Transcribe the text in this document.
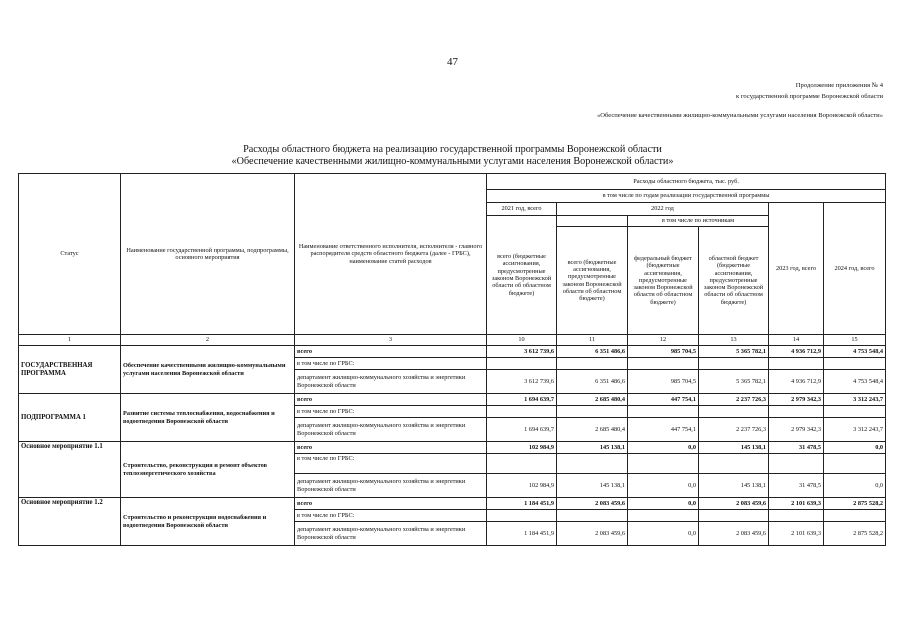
47
Продолжение приложения № 4
к государственной программе Воронежской области
«Обеспечение качественными жилищно-коммунальными услугами населения Воронежской области»
Расходы областного бюджета на реализацию государственной программы Воронежской области
«Обеспечение качественными жилищно-коммунальными услугами населения Воронежской области»
Статус	Наименование государственной программы, подпрограммы, основного мероприятия	Наименование ответственного исполнителя, исполнителя - главного распорядителя средств областного бюджета (далее - ГРБС), наименование статей расходов	Расходы областного бюджета, тыс. руб.					
			в том числе по годам реализации государственной программы					
			2021 год, всего	2022 год			2023 год, всего	2024 год, всего
			всего (бюджетные ассигнования, предусмотренные законом Воронежской области об областном бюджете)		в том числе по источникам			
				всего (бюджетные ассигнования, предусмотренные законом Воронежской области об областном бюджете)	федеральный бюджет (бюджетные ассигнования, предусмотренные законом Воронежской области об областном бюджете)	областной бюджет (бюджетные ассигнования, предусмотренные законом Воронежской области об областном бюджете)		
1	2	3	10	11	12	13	14	15
ГОСУДАРСТВЕННАЯ ПРОГРАММА	Обеспечение качественными жилищно-коммунальными услугами населения Воронежской области	всего	3 612 739,6	6 351 486,6	985 704,5	5 365 782,1	4 936 712,9	4 753 548,4
		в том числе по ГРБС:						
		департамент жилищно-коммунального хозяйства и энергетики Воронежской области	3 612 739,6	6 351 486,6	985 704,5	5 365 782,1	4 936 712,9	4 753 548,4
ПОДПРОГРАММА 1	Развитие системы теплоснабжения, водоснабжения и водоотведения Воронежской области	всего	1 694 639,7	2 685 480,4	447 754,1	2 237 726,3	2 979 342,3	3 312 243,7
		в том числе по ГРБС:						
		департамент жилищно-коммунального хозяйства и энергетики Воронежской области	1 694 639,7	2 685 480,4	447 754,1	2 237 726,3	2 979 342,3	3 312 243,7
Основное мероприятие 1.1	Строительство, реконструкция и ремонт объектов теплоэнергетического хозяйства	всего	102 984,9	145 138,1	0,0	145 138,1	31 478,5	0,0
		в том числе по ГРБС:						
		департамент жилищно-коммунального хозяйства и энергетики Воронежской области	102 984,9	145 138,1	0,0	145 138,1	31 478,5	0,0
Основное мероприятие 1.2	Строительство и реконструкция водоснабжения и водоотведения Воронежской области	всего	1 184 451,9	2 083 459,6	0,0	2 083 459,6	2 101 639,3	2 875 528,2
		в том числе по ГРБС:						
		департамент жилищно-коммунального хозяйства и энергетики Воронежской области	1 184 451,9	2 083 459,6	0,0	2 083 459,6	2 101 639,3	2 875 528,2
